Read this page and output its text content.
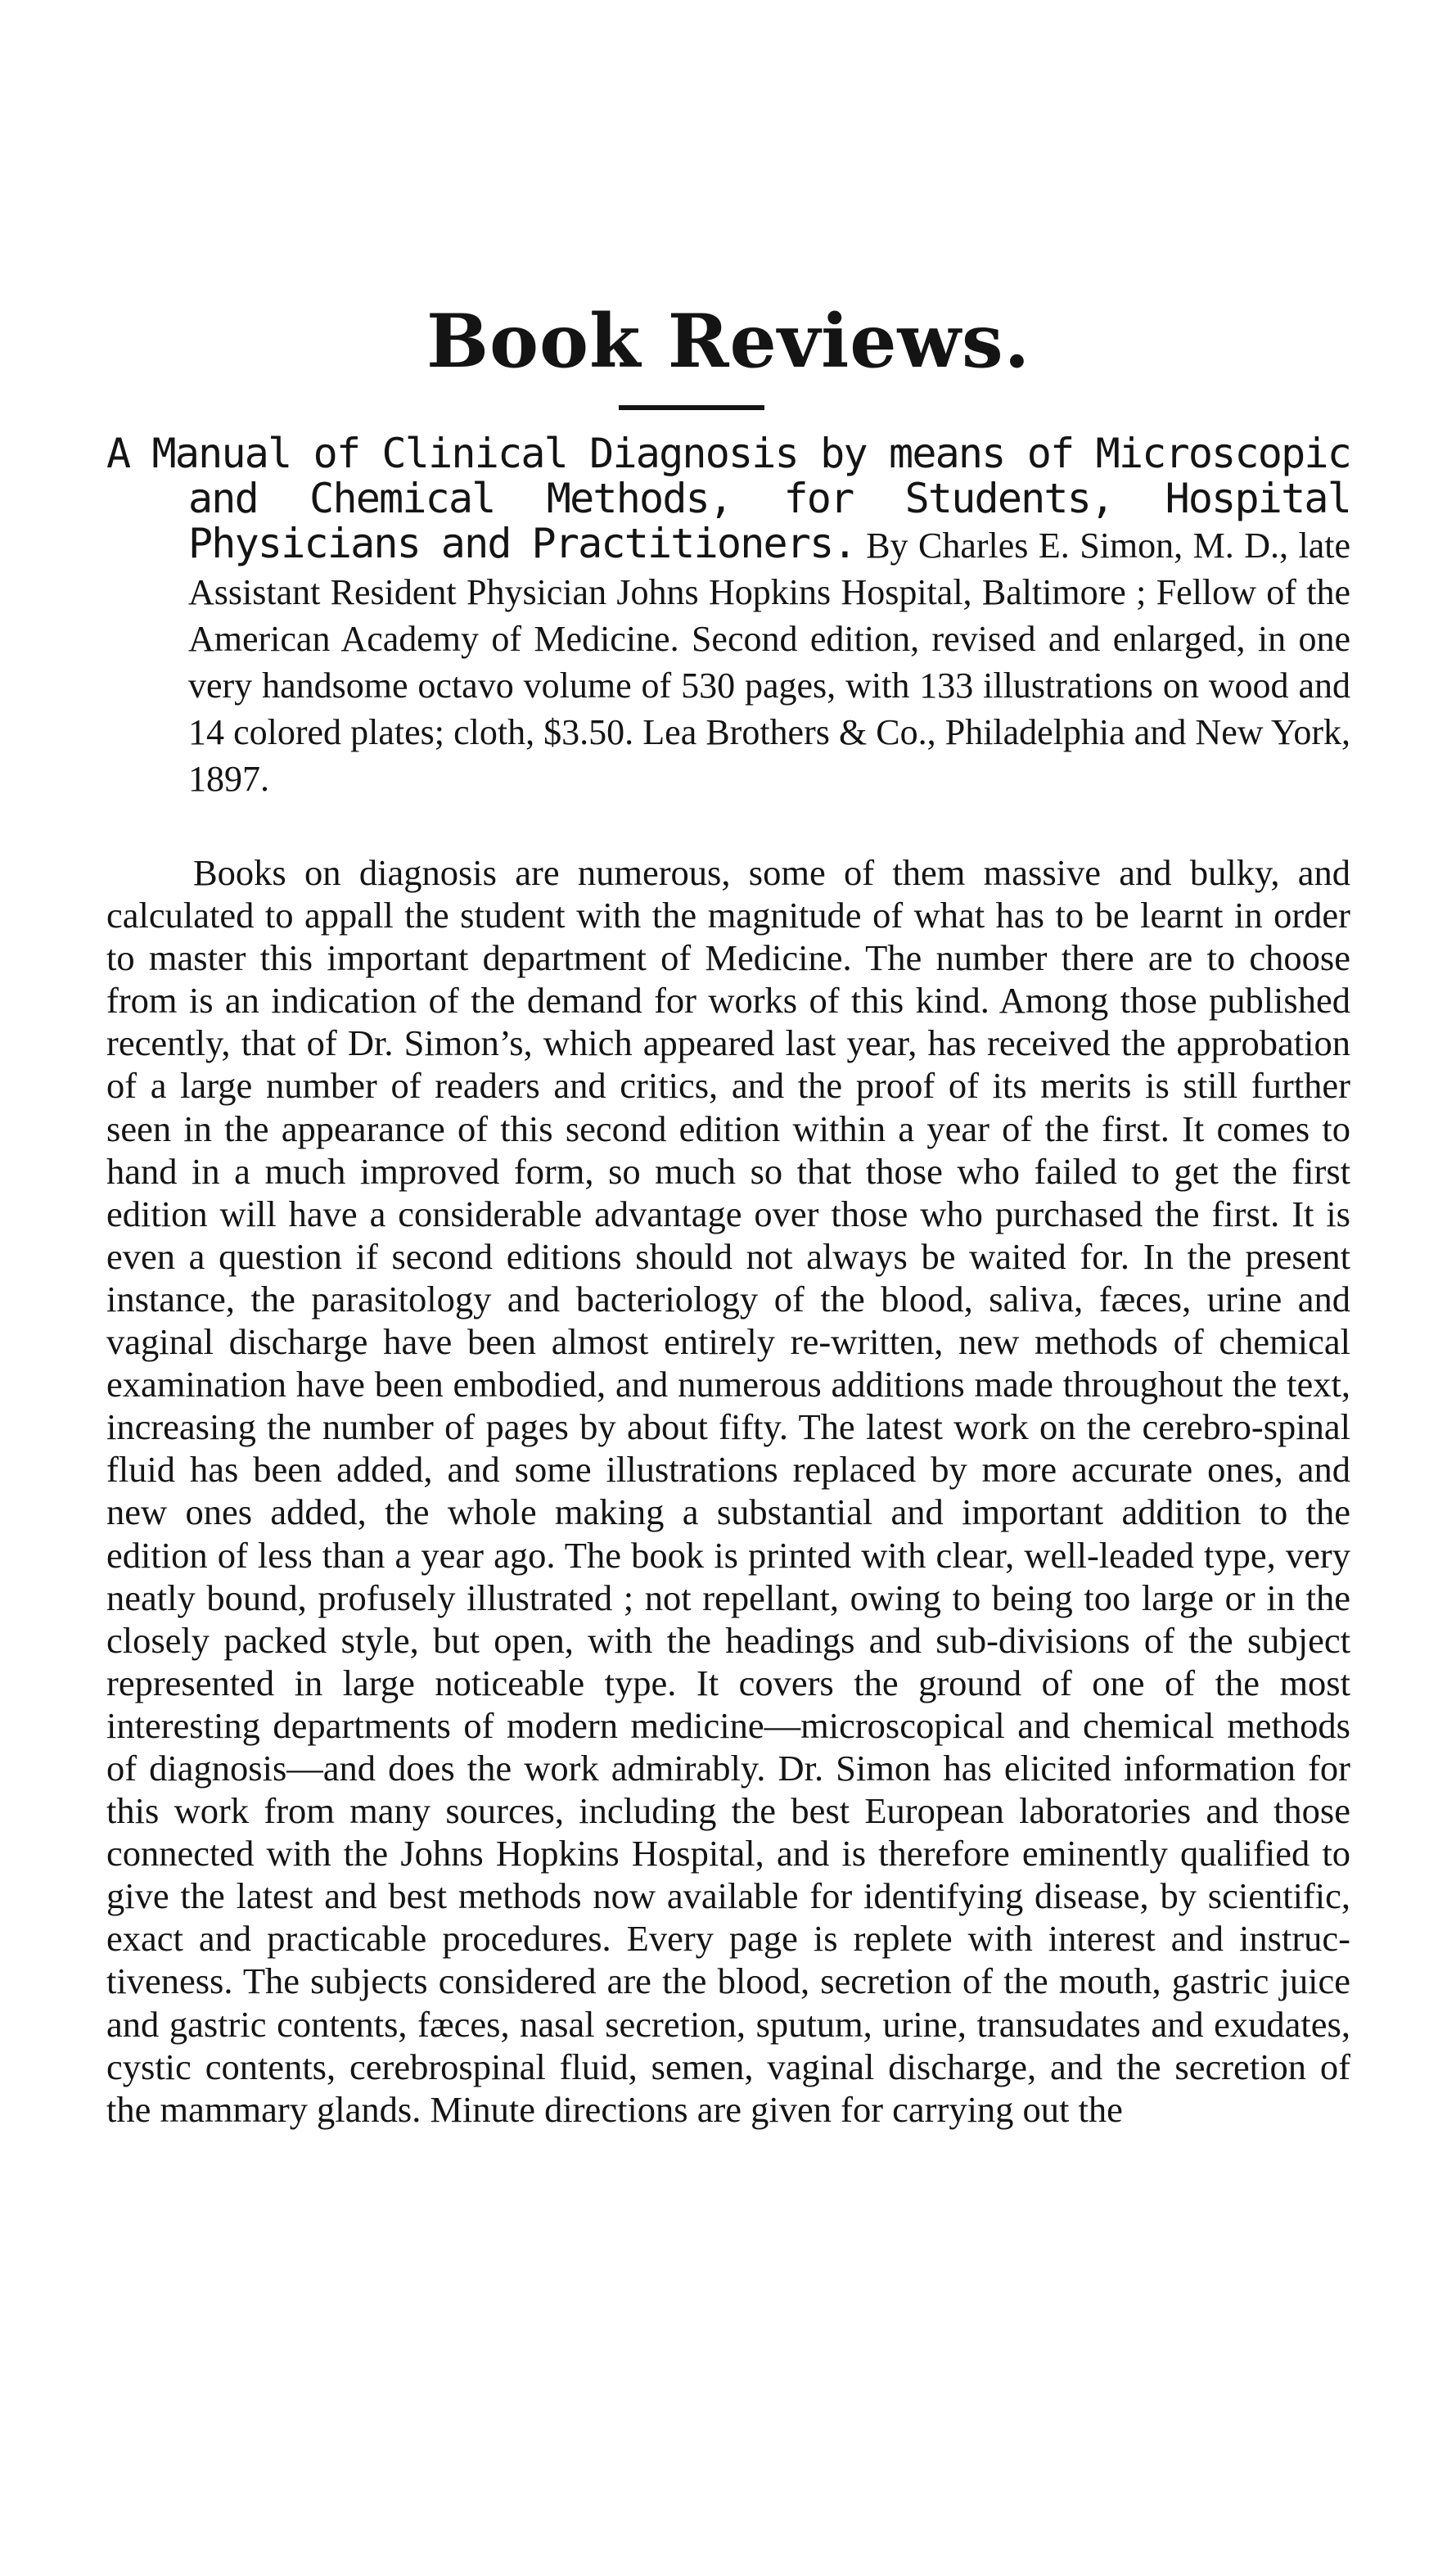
Book Reviews.

A Manual of Clinical Diagnosis by means of Microscopic and Chemical Methods, for Students, Hospital Physicians and Practitioners. By Charles E. Simon, M. D., late Assistant Resident Physician Johns Hopkins Hospital, Baltimore ; Fellow of the American Academy of Medicine. Second edition, revised and enlarged, in one very handsome octavo volume of 530 pages, with 133 illustrations on wood and 14 colored plates; cloth, $3.50. Lea Brothers & Co., Philadelphia and New York, 1897.

Books on diagnosis are numerous, some of them massive and bulky, and calculated to appall the student with the magnitude of what has to be learnt in order to master this important department of Medicine. The number there are to choose from is an indication of the demand for works of this kind. Among those published recently, that of Dr. Simon’s, which appeared last year, has received the approbation of a large number of readers and critics, and the proof of its merits is still further seen in the appearance of this second edition within a year of the first. It comes to hand in a much improved form, so much so that those who failed to get the first edition will have a considerable advantage over those who purchased the first. It is even a question if second editions should not always be waited for. In the present instance, the parasitology and bacteriology of the blood, saliva, fæces, urine and vaginal discharge have been almost entirely re-written, new methods of chemical examination have been embodied, and numerous additions made throughout the text, increasing the number of pages by about fifty. The latest work on the cerebro-spinal fluid has been added, and some illustrations replaced by more accurate ones, and new ones added, the whole making a substantial and important addition to the edition of less than a year ago. The book is printed with clear, well-leaded type, very neatly bound, profusely illustrated ; not repellant, owing to being too large or in the closely packed style, but open, with the headings and sub-divisions of the subject represented in large noticeable type. It covers the ground of one of the most interesting departments of modern medicine—microscopical and chemical methods of diagnosis—and does the work admirably. Dr. Simon has elicited information for this work from many sources, including the best European laboratories and those connected with the Johns Hopkins Hospital, and is therefore eminently qualified to give the latest and best methods now available for identifying disease, by scientific, exact and practicable procedures. Every page is replete with interest and instructiveness. The subjects considered are the blood, secretion of the mouth, gastric juice and gastric contents, fæces, nasal secretion, sputum, urine, transudates and exudates, cystic contents, cerebrospinal fluid, semen, vaginal discharge, and the secretion of the mammary glands. Minute directions are given for carrying out the
